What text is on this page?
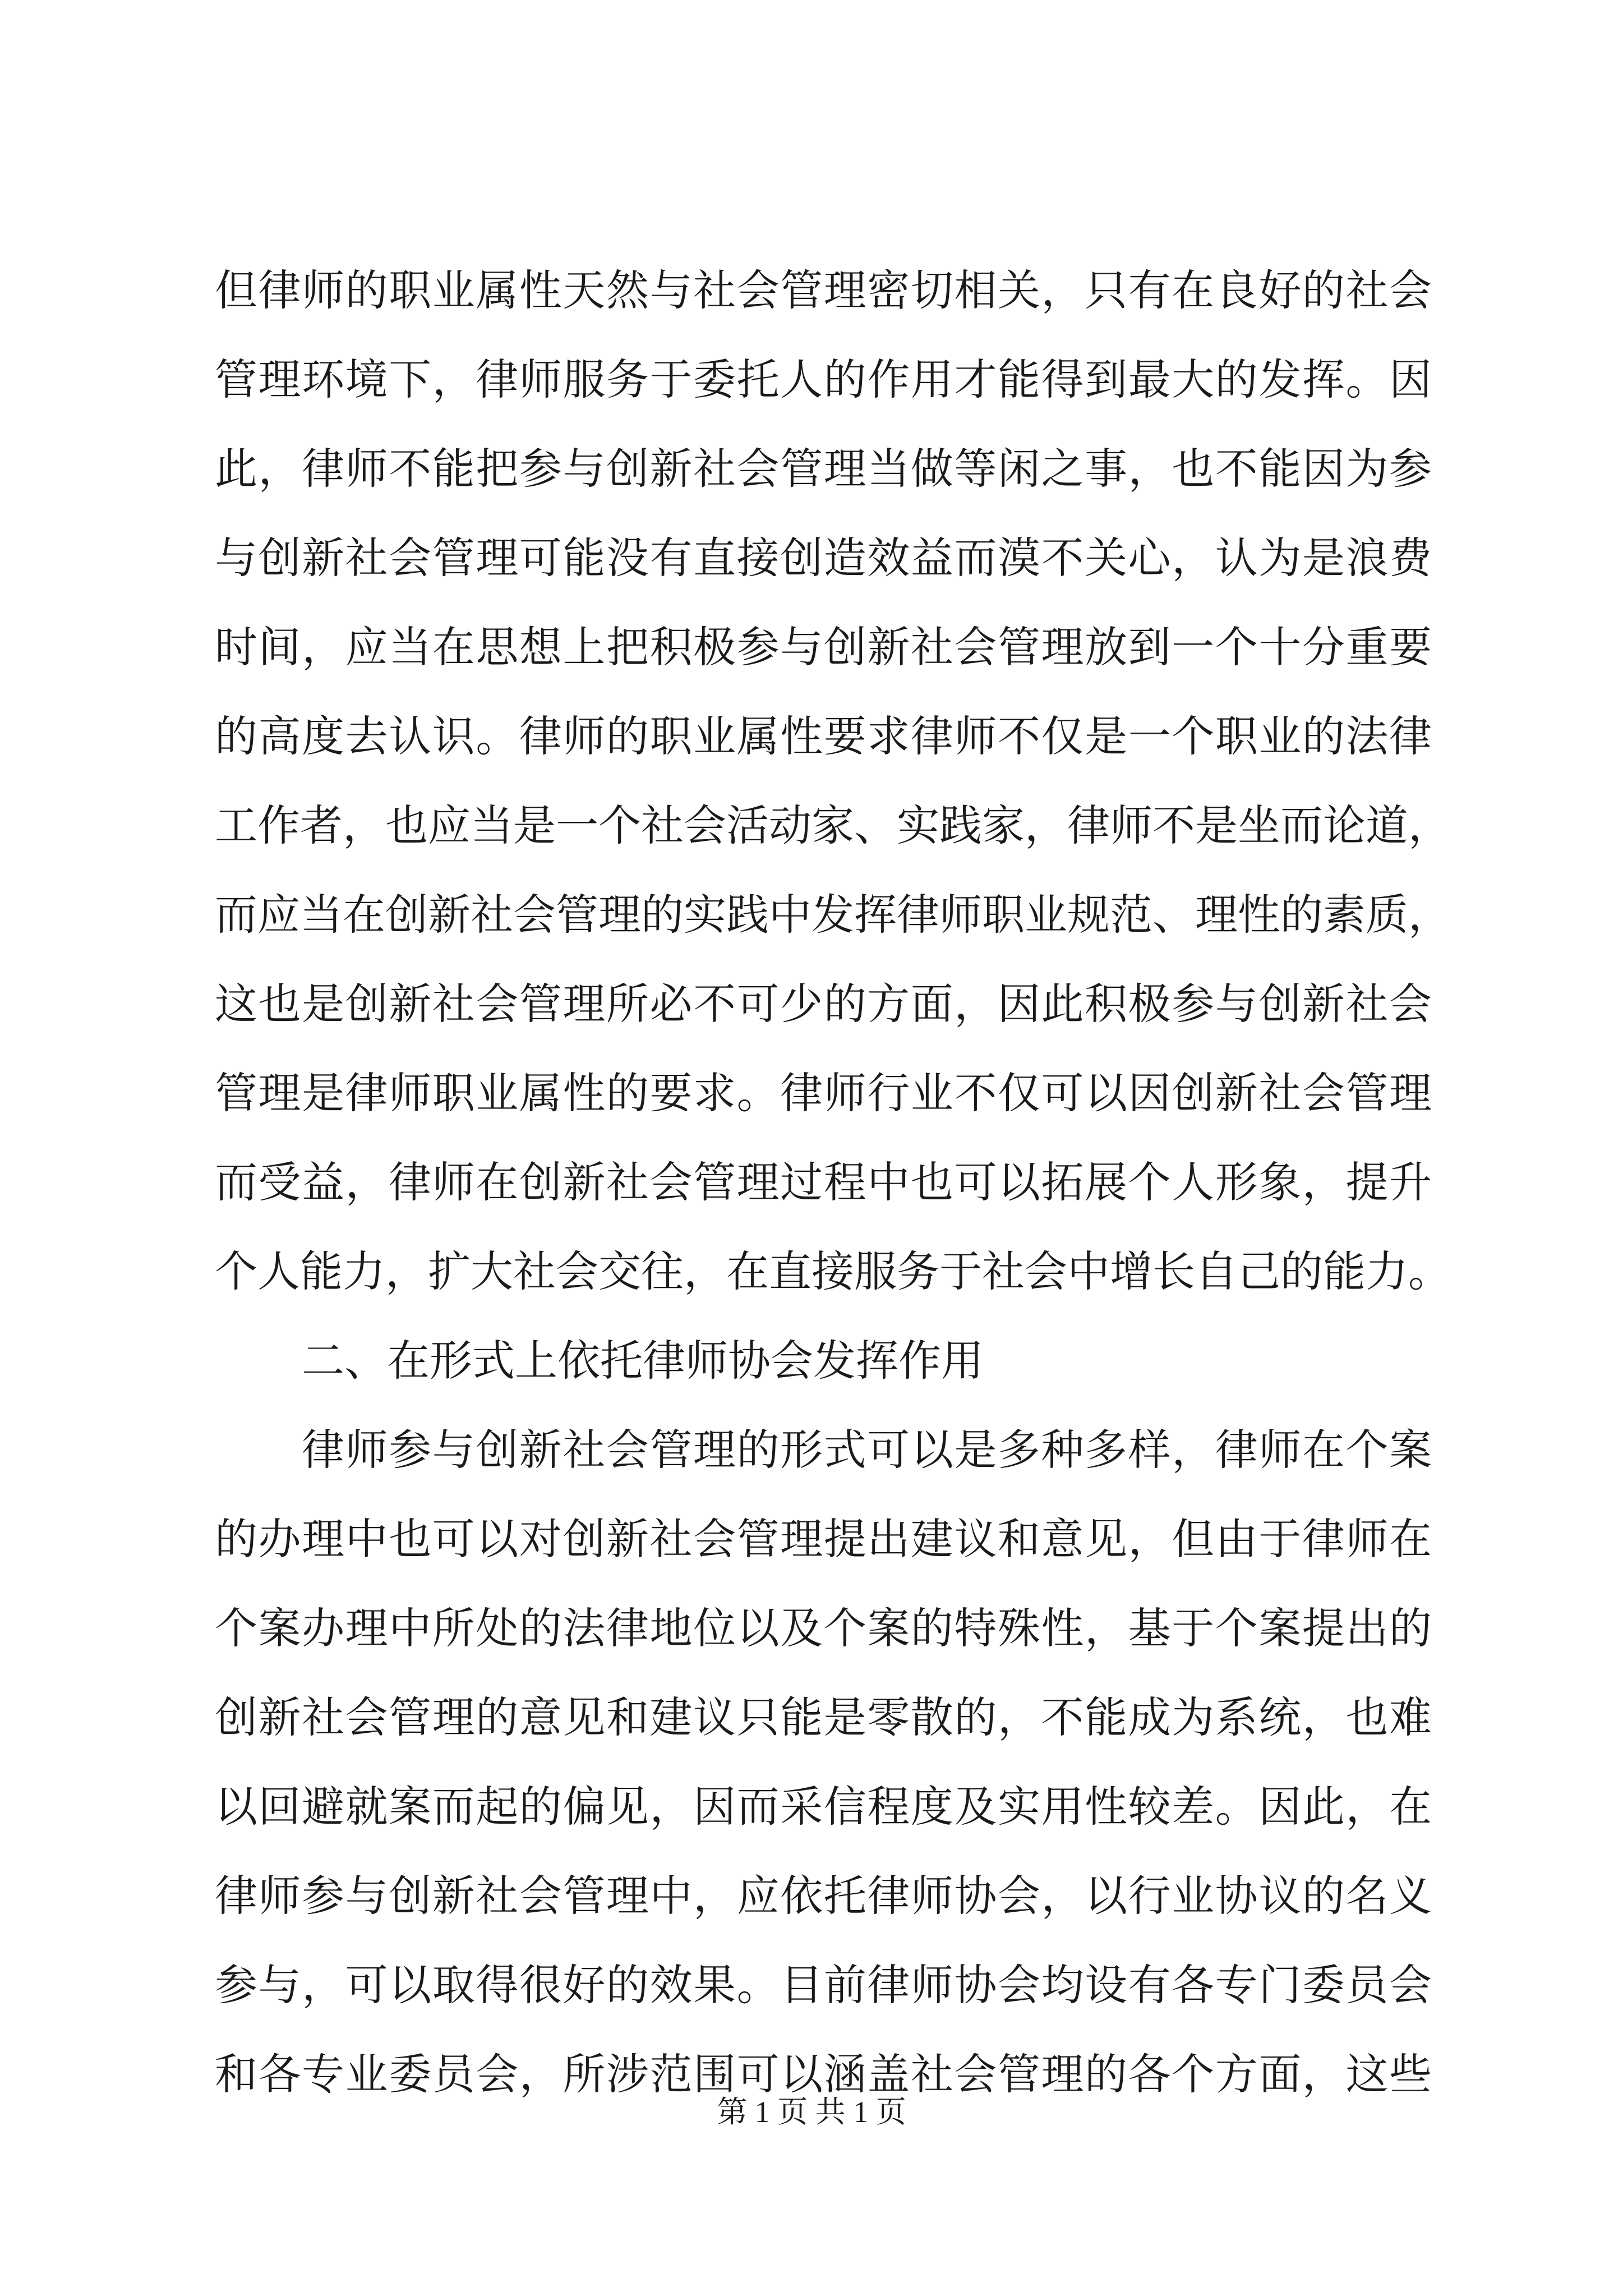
但律师的职业属性天然与社会管理密切相关，只有在良好的社会
管理环境下，律师服务于委托人的作用才能得到最大的发挥。因
此，律师不能把参与创新社会管理当做等闲之事，也不能因为参
与创新社会管理可能没有直接创造效益而漠不关心，认为是浪费
时间，应当在思想上把积极参与创新社会管理放到一个十分重要
的高度去认识。律师的职业属性要求律师不仅是一个职业的法律
工作者，也应当是一个社会活动家、实践家，律师不是坐而论道，
而应当在创新社会管理的实践中发挥律师职业规范、理性的素质，
这也是创新社会管理所必不可少的方面，因此积极参与创新社会
管理是律师职业属性的要求。律师行业不仅可以因创新社会管理
而受益，律师在创新社会管理过程中也可以拓展个人形象，提升
个人能力，扩大社会交往，在直接服务于社会中增长自己的能力。
二、在形式上依托律师协会发挥作用
律师参与创新社会管理的形式可以是多种多样，律师在个案
的办理中也可以对创新社会管理提出建议和意见，但由于律师在
个案办理中所处的法律地位以及个案的特殊性，基于个案提出的
创新社会管理的意见和建议只能是零散的，不能成为系统，也难
以回避就案而起的偏见，因而采信程度及实用性较差。因此，在
律师参与创新社会管理中，应依托律师协会，以行业协议的名义
参与，可以取得很好的效果。目前律师协会均设有各专门委员会
和各专业委员会，所涉范围可以涵盖社会管理的各个方面，这些
第 1 页 共 1 页
